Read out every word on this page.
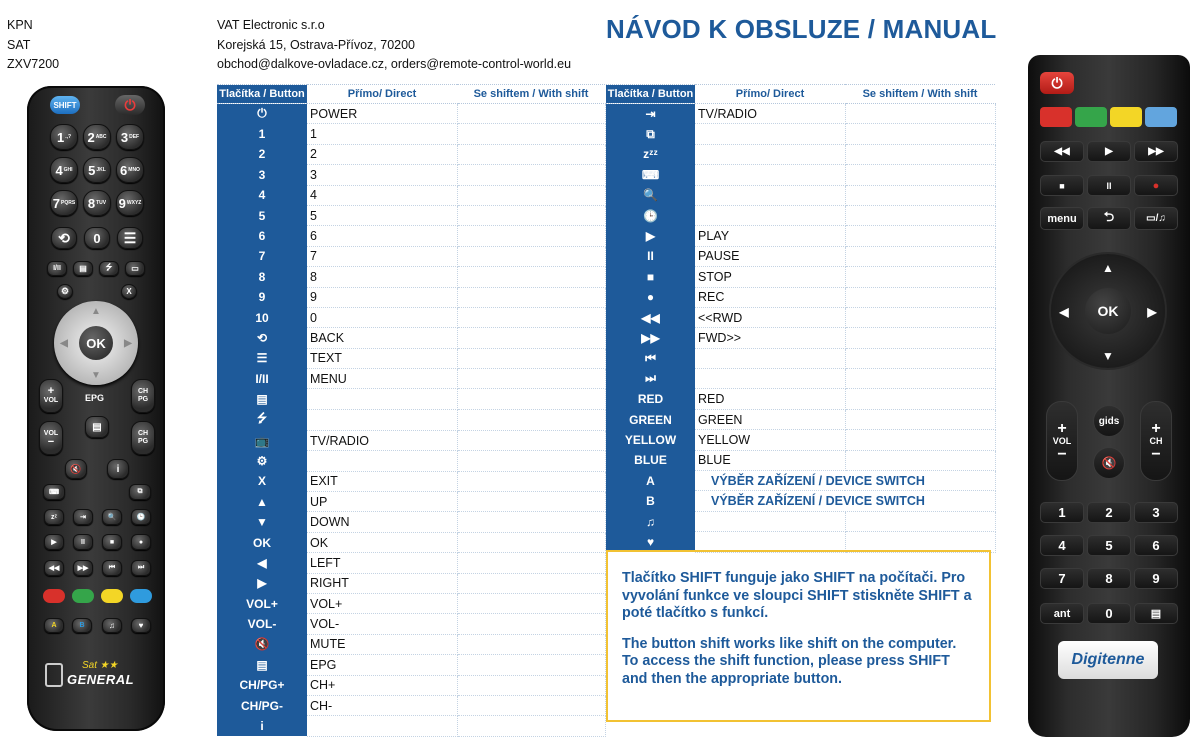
KPN
SAT
ZXV7200
VAT Electronic s.r.o
Korejská 15, Ostrava-Přívoz, 70200
obchod@dalkove-ovladace.cz, orders@remote-control-world.eu
NÁVOD K OBSLUZE / MANUAL
Tlačítka / Button	Přímo/ Direct	Se shiftem / With shift	
⏻	POWER		
1	1		
2	2		
3	3		
4	4		
5	5		
6	6		
7	7		
8	8		
9	9		
10	0		
⟲	BACK		
☰	TEXT		
I/II	MENU		
▤			
⭍			
📺	TV/RADIO		
⚙			
X	EXIT		
▲	UP		
▼	DOWN		
OK	OK		
◀	LEFT		
▶	RIGHT		
VOL+	VOL+		
VOL-	VOL-		
🔇	MUTE		
▤	EPG		
CH/PG+	CH+		
CH/PG-	CH-		
i			
Tlačítka / Button	Přímo/ Direct	Se shiftem / With shift
⇥	TV/RADIO	
⧉		
zᶻᶻ		
⌨		
🔍		
🕒		
▶	PLAY	
II	PAUSE	
■	STOP	
●	REC	
◀◀	<<RWD	
▶▶	FWD>>	
⏮		
⏭		
RED	RED	
GREEN	GREEN	
YELLOW	YELLOW	
BLUE	BLUE	
A	VÝBĚR ZAŘÍZENÍ / DEVICE SWITCH	
B	VÝBĚR ZAŘÍZENÍ / DEVICE SWITCH	
♫		
♥		

Tlačítko SHIFT funguje jako SHIFT na počítači. Pro vyvolání funkce ve sloupci SHIFT stiskněte SHIFT a poté tlačítko s funkcí.

The button shift works like shift on the computer. To access the shift function, please press SHIFT and then the appropriate button.

SHIFT	⏻
1 .,? 2 ABC 3 DEF
4 GHI 5 JKL 6 MNO
7 PQRS 8 TUV 9 WXYZ
⟲	0	☰
I/II	▤	⭍	▭
⚙	X
OK
▲
▼
◀	▶
+
VOL
CH
PG
EPG
VOL
−
CH
PG
▤
🔇	i
⌨	⧉
zᶻ	⇥	🔍	🕒
▶	II	■	●
◀◀	▶▶	⏮	⏭
A	B	♫	♥
Sat ★★
GENERAL
⏻
◀◀	▶	▶▶
■	II	●
menu	⮌	▭/♫
OK
▲
▼
◀	▶
+
VOL
−
+
CH
−
gids
🔇
1	2	3
4	5	6
7	8	9
ant	0	▤
Digitenne
